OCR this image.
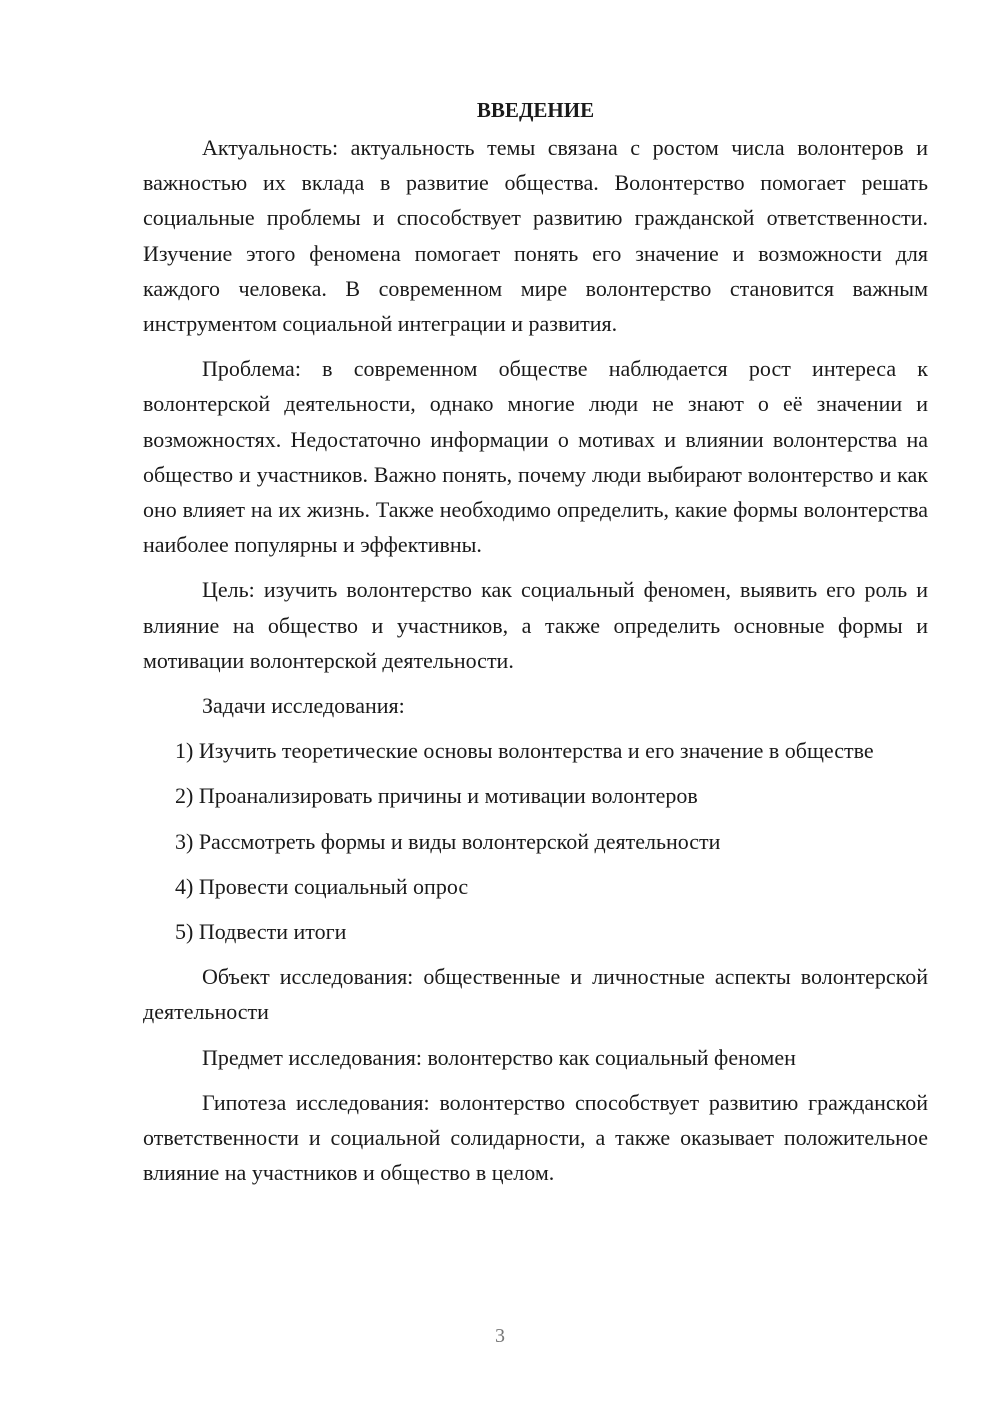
ВВЕДЕНИЕ

Актуальность: актуальность темы связана с ростом числа волонтеров и важностью их вклада в развитие общества. Волонтерство помогает решать социальные проблемы и способствует развитию гражданской ответственности. Изучение этого феномена помогает понять его значение и возможности для каждого человека. В современном мире волонтерство становится важным инструментом социальной интеграции и развития.

Проблема: в современном обществе наблюдается рост интереса к волонтерской деятельности, однако многие люди не знают о её значении и возможностях. Недостаточно информации о мотивах и влиянии волонтерства на общество и участников. Важно понять, почему люди выбирают волонтерство и как оно влияет на их жизнь. Также необходимо определить, какие формы волонтерства наиболее популярны и эффективны.

Цель: изучить волонтерство как социальный феномен, выявить его роль и влияние на общество и участников, а также определить основные формы и мотивации волонтерской деятельности.

Задачи исследования:

1) Изучить теоретические основы волонтерства и его значение в обществе

2) Проанализировать причины и мотивации волонтеров

3) Рассмотреть формы и виды волонтерской деятельности

4) Провести социальный опрос

5) Подвести итоги

Объект исследования: общественные и личностные аспекты волонтерской деятельности

Предмет исследования: волонтерство как социальный феномен

Гипотеза исследования: волонтерство способствует развитию гражданской ответственности и социальной солидарности, а также оказывает положительное влияние на участников и общество в целом.

3
